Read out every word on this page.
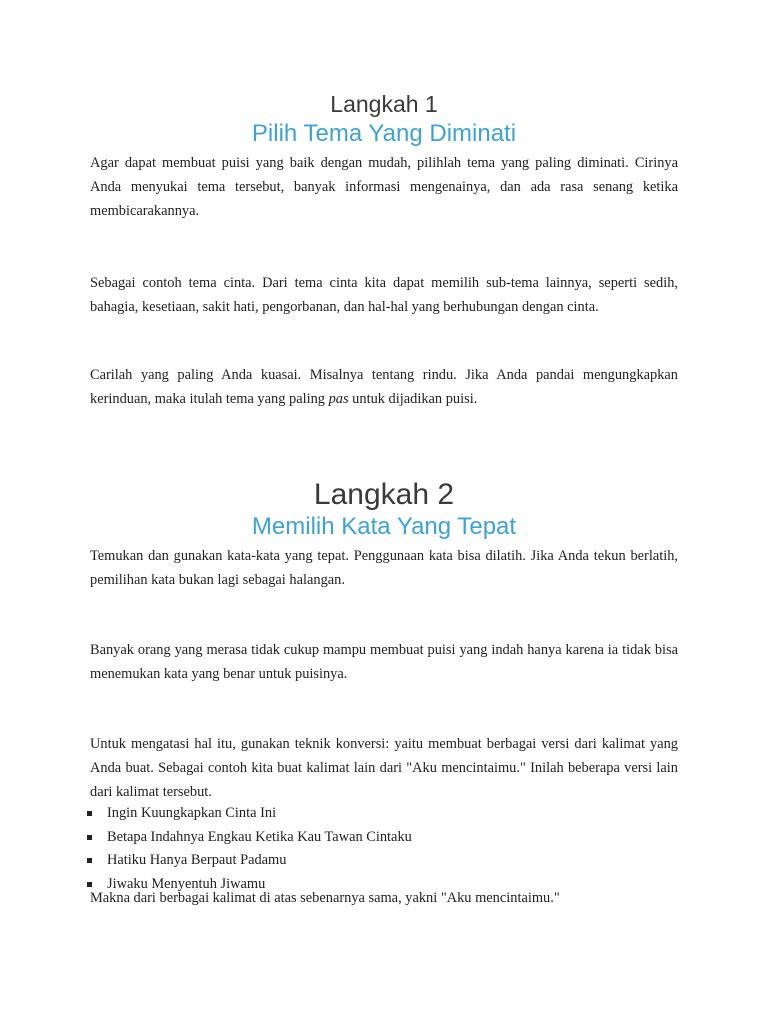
Langkah 1
Pilih Tema Yang Diminati

Agar dapat membuat puisi yang baik dengan mudah, pilihlah tema yang paling diminati. Cirinya Anda menyukai tema tersebut, banyak informasi mengenainya, dan ada rasa senang ketika membicarakannya.

Sebagai contoh tema cinta. Dari tema cinta kita dapat memilih sub-tema lainnya, seperti sedih, bahagia, kesetiaan, sakit hati, pengorbanan, dan hal-hal yang berhubungan dengan cinta.

Carilah yang paling Anda kuasai. Misalnya tentang rindu. Jika Anda pandai mengungkapkan kerinduan, maka itulah tema yang paling pas untuk dijadikan puisi.

Langkah 2
Memilih Kata Yang Tepat

Temukan dan gunakan kata-kata yang tepat. Penggunaan kata bisa dilatih. Jika Anda tekun berlatih, pemilihan kata bukan lagi sebagai halangan.

Banyak orang yang merasa tidak cukup mampu membuat puisi yang indah hanya karena ia tidak bisa menemukan kata yang benar untuk puisinya.

Untuk mengatasi hal itu, gunakan teknik konversi: yaitu membuat berbagai versi dari kalimat yang Anda buat. Sebagai contoh kita buat kalimat lain dari "Aku mencintaimu." Inilah beberapa versi lain dari kalimat tersebut.

Ingin Kuungkapkan Cinta Ini
Betapa Indahnya Engkau Ketika Kau Tawan Cintaku
Hatiku Hanya Berpaut Padamu
Jiwaku Menyentuh Jiwamu

Makna dari berbagai kalimat di atas sebenarnya sama, yakni "Aku mencintaimu."
